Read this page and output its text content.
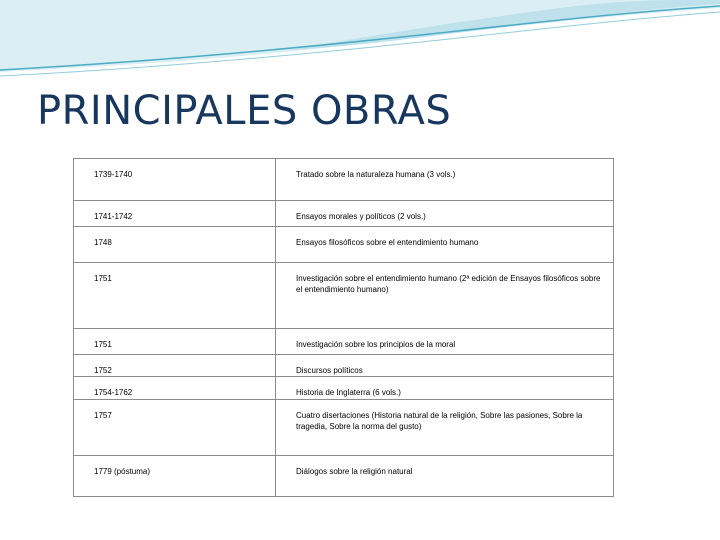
PRINCIPALES OBRAS
1739-1740	Tratado sobre la naturaleza humana (3 vols.)
1741-1742	Ensayos morales y políticos (2 vols.)
1748	Ensayos filosóficos sobre el entendimiento humano
1751	Investigación sobre el entendimiento humano (2ª edición de Ensayos filosóficos sobre el entendimiento humano)
1751	Investigación sobre los principios de la moral
1752	Discursos políticos
1754-1762	Historia de Inglaterra (6 vols.)
1757	Cuatro disertaciones (Historia natural de la religión, Sobre las pasiones, Sobre la tragedia, Sobre la norma del gusto)
1779 (póstuma)	Diálogos sobre la religión natural
